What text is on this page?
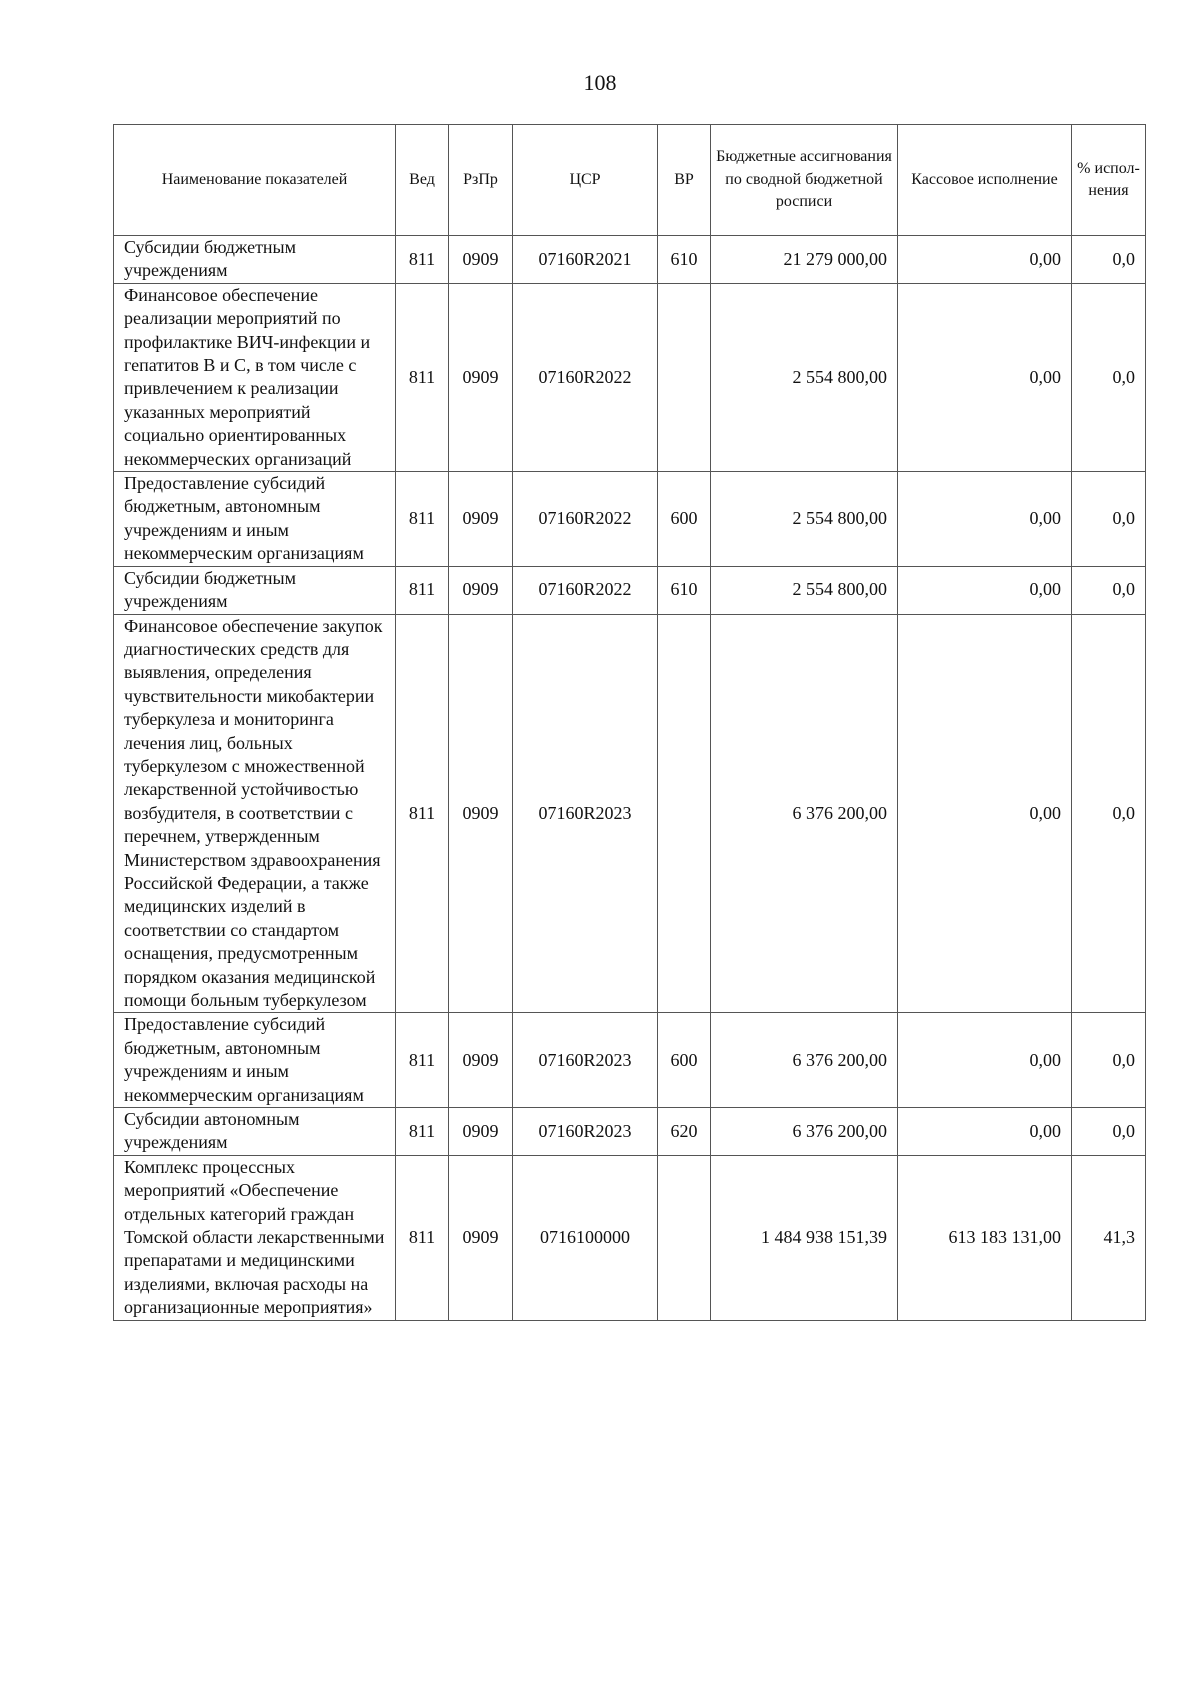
108
Наименование показателей	Вед	РзПр	ЦСР	ВР	Бюджетные ассигнования по сводной бюджетной росписи	Кассовое исполнение	% испол-нения
Субсидии бюджетным учреждениям	811	0909	07160R2021	610	21 279 000,00	0,00	0,0
Финансовое обеспечение реализации мероприятий по профилактике ВИЧ-инфекции и гепатитов B и C, в том числе с привлечением к реализации указанных мероприятий социально ориентированных некоммерческих организаций	811	0909	07160R2022		2 554 800,00	0,00	0,0
Предоставление субсидий бюджетным, автономным учреждениям и иным некоммерческим организациям	811	0909	07160R2022	600	2 554 800,00	0,00	0,0
Субсидии бюджетным учреждениям	811	0909	07160R2022	610	2 554 800,00	0,00	0,0
Финансовое обеспечение закупок диагностических средств для выявления, определения чувствительности микобактерии туберкулеза и мониторинга лечения лиц, больных туберкулезом с множественной лекарственной устойчивостью возбудителя, в соответствии с перечнем, утвержденным Министерством здравоохранения Российской Федерации, а также медицинских изделий в соответствии со стандартом оснащения, предусмотренным порядком оказания медицинской помощи больным туберкулезом	811	0909	07160R2023		6 376 200,00	0,00	0,0
Предоставление субсидий бюджетным, автономным учреждениям и иным некоммерческим организациям	811	0909	07160R2023	600	6 376 200,00	0,00	0,0
Субсидии автономным учреждениям	811	0909	07160R2023	620	6 376 200,00	0,00	0,0
Комплекс процессных мероприятий «Обеспечение отдельных категорий граждан Томской области лекарственными препаратами и медицинскими изделиями, включая расходы на организационные мероприятия»	811	0909	0716100000		1 484 938 151,39	613 183 131,00	41,3
